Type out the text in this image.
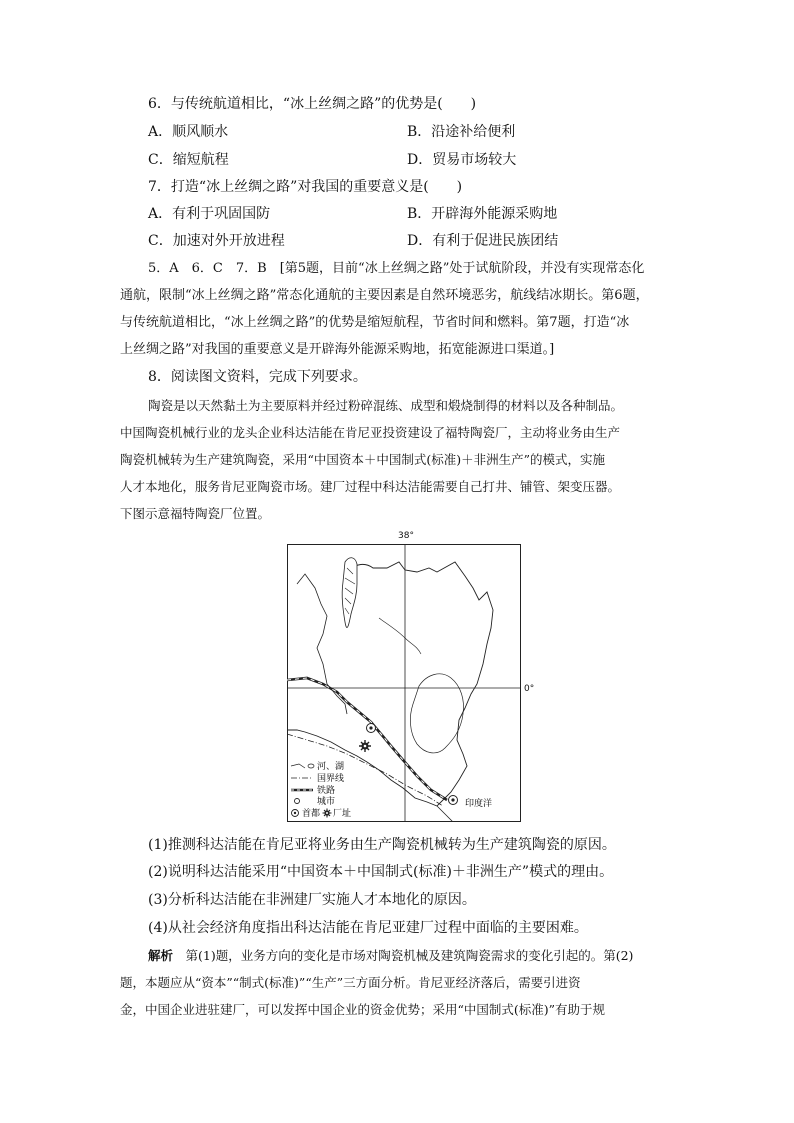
6．与传统航道相比，“冰上丝绸之路”的优势是(　　)
A．顺风顺水	B．沿途补给便利
C．缩短航程	D．贸易市场较大
7．打造“冰上丝绸之路”对我国的重要意义是(　　)
A．有利于巩固国防	B．开辟海外能源采购地
C．加速对外开放进程	D．有利于促进民族团结
5．A　6．C　7．B　[第5题，目前“冰上丝绸之路”处于试航阶段，并没有实现常态化
通航，限制“冰上丝绸之路”常态化通航的主要因素是自然环境恶劣，航线结冰期长。第6题，
与传统航道相比，“冰上丝绸之路”的优势是缩短航程，节省时间和燃料。第7题，打造“冰
上丝绸之路”对我国的重要意义是开辟海外能源采购地，拓宽能源进口渠道。]
8．阅读图文资料，完成下列要求。
陶瓷是以天然黏土为主要原料并经过粉碎混练、成型和煅烧制得的材料以及各种制品。
中国陶瓷机械行业的龙头企业科达洁能在肯尼亚投资建设了福特陶瓷厂，主动将业务由生产
陶瓷机械转为生产建筑陶瓷，采用“中国资本＋中国制式(标准)＋非洲生产”的模式，实施
人才本地化，服务肯尼亚陶瓷市场。建厂过程中科达洁能需要自己打井、铺管、架变压器。
下图示意福特陶瓷厂位置。
河、湖
国界线
铁路
城市
首都 厂址
印度洋
38°
0°
(1)推测科达洁能在肯尼亚将业务由生产陶瓷机械转为生产建筑陶瓷的原因。
(2)说明科达洁能采用“中国资本＋中国制式(标准)＋非洲生产”模式的理由。
(3)分析科达洁能在非洲建厂实施人才本地化的原因。
(4)从社会经济角度指出科达洁能在肯尼亚建厂过程中面临的主要困难。
解析　第(1)题，业务方向的变化是市场对陶瓷机械及建筑陶瓷需求的变化引起的。第(2)
题，本题应从“资本”“制式(标准)”“生产”三方面分析。肯尼亚经济落后，需要引进资
金，中国企业进驻建厂，可以发挥中国企业的资金优势；采用“中国制式(标准)”有助于规
